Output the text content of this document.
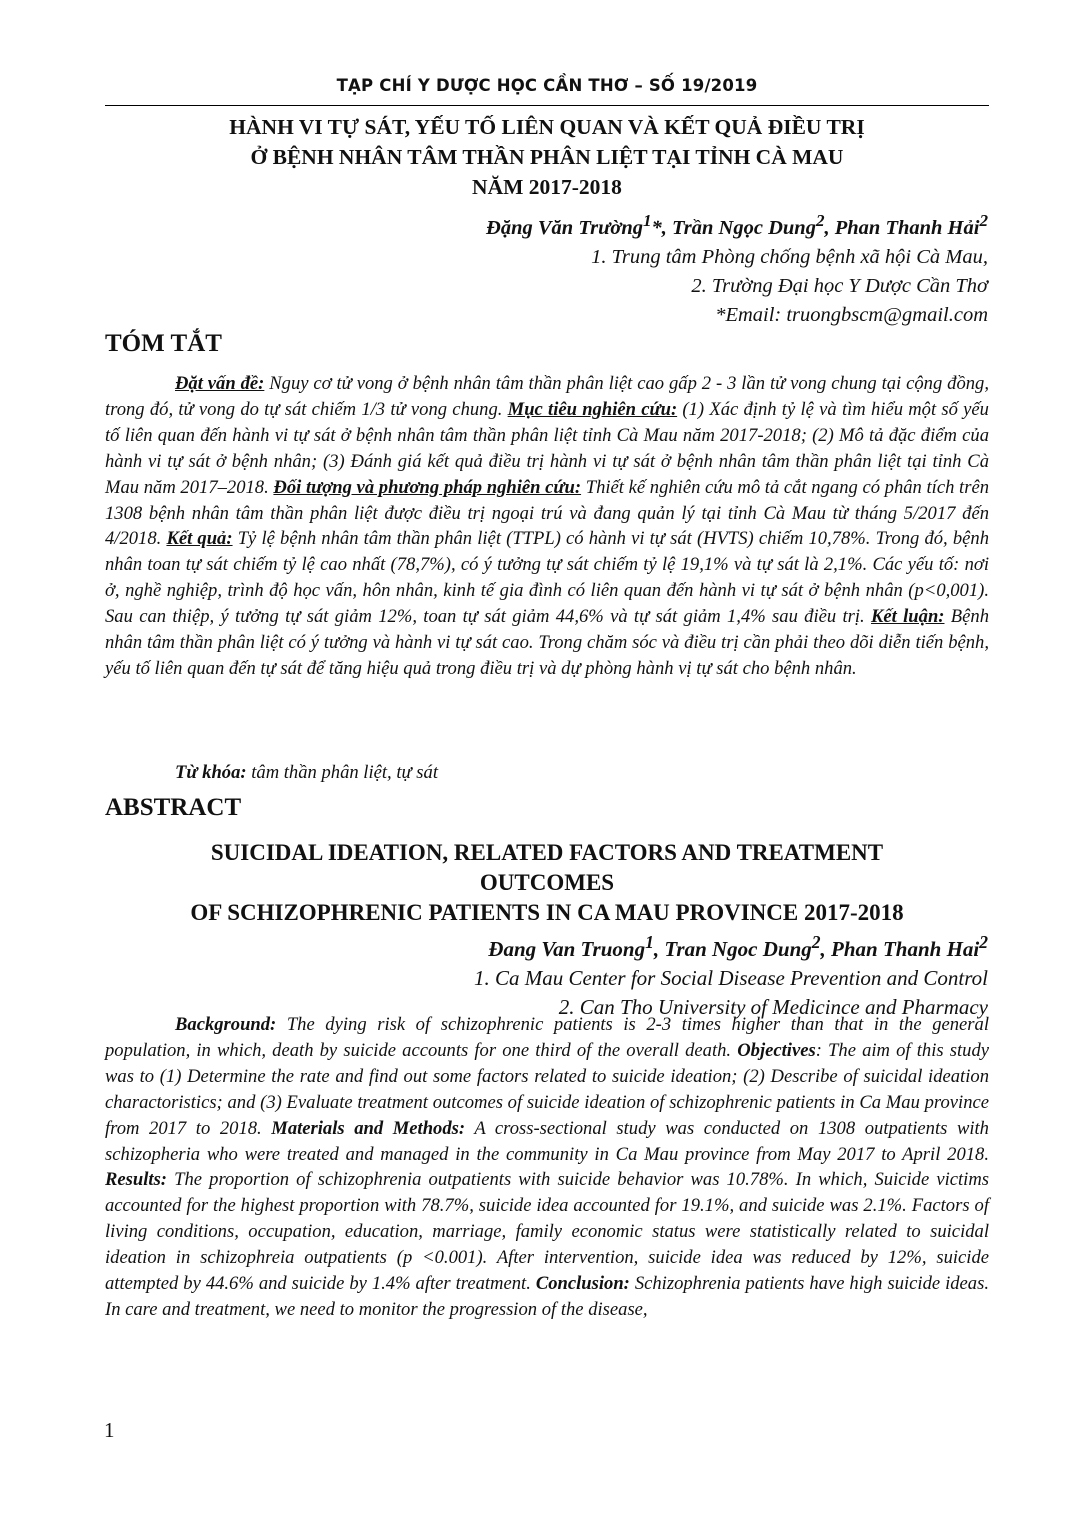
TẠP CHÍ Y DƯỢC HỌC CẦN THƠ – SỐ 19/2019
HÀNH VI TỰ SÁT, YẾU TỐ LIÊN QUAN VÀ KẾT QUẢ ĐIỀU TRỊ
Ở BỆNH NHÂN TÂM THẦN PHÂN LIỆT TẠI TỈNH CÀ MAU
NĂM 2017-2018
Đặng Văn Trường$^1$*, Trần Ngọc Dung$^2$, Phan Thanh Hải$^2$
1. Trung tâm Phòng chống bệnh xã hội Cà Mau,
2. Trường Đại học Y Dược Cần Thơ
*Email: truongbscm@gmail.com
TÓM TẮT
Đặt vấn đề: Nguy cơ tử vong ở bệnh nhân tâm thần phân liệt cao gấp 2 - 3 lần tử vong chung tại cộng đồng, trong đó, tử vong do tự sát chiếm 1/3 tử vong chung. Mục tiêu nghiên cứu: (1) Xác định tỷ lệ và tìm hiểu một số yếu tố liên quan đến hành vi tự sát ở bệnh nhân tâm thần phân liệt tỉnh Cà Mau năm 2017-2018; (2) Mô tả đặc điểm của hành vi tự sát ở bệnh nhân; (3) Đánh giá kết quả điều trị hành vi tự sát ở bệnh nhân tâm thần phân liệt tại tỉnh Cà Mau năm 2017–2018. Đối tượng và phương pháp nghiên cứu: Thiết kế nghiên cứu mô tả cắt ngang có phân tích trên 1308 bệnh nhân tâm thần phân liệt được điều trị ngoại trú và đang quản lý tại tỉnh Cà Mau từ tháng 5/2017 đến 4/2018. Kết quả: Tỷ lệ bệnh nhân tâm thần phân liệt (TTPL) có hành vi tự sát (HVTS) chiếm 10,78%. Trong đó, bệnh nhân toan tự sát chiếm tỷ lệ cao nhất (78,7%), có ý tưởng tự sát chiếm tỷ lệ 19,1% và tự sát là 2,1%. Các yếu tố: nơi ở, nghề nghiệp, trình độ học vấn, hôn nhân, kinh tế gia đình có liên quan đến hành vi tự sát ở bệnh nhân (p<0,001). Sau can thiệp, ý tưởng tự sát giảm 12%, toan tự sát giảm 44,6% và tự sát giảm 1,4% sau điều trị. Kết luận: Bệnh nhân tâm thần phân liệt có ý tưởng và hành vi tự sát cao. Trong chăm sóc và điều trị cần phải theo dõi diễn tiến bệnh, yếu tố liên quan đến tự sát để tăng hiệu quả trong điều trị và dự phòng hành vị tự sát cho bệnh nhân.
Từ khóa: tâm thần phân liệt, tự sát
ABSTRACT
SUICIDAL IDEATION, RELATED FACTORS AND TREATMENT
OUTCOMES
OF SCHIZOPHRENIC PATIENTS IN CA MAU PROVINCE 2017-2018
Đang Van Truong$^1$, Tran Ngoc Dung$^2$, Phan Thanh Hai$^2$
1. Ca Mau Center for Social Disease Prevention and Control
2. Can Tho University of Medicince and Pharmacy
Background: The dying risk of schizophrenic patients is 2-3 times higher than that in the general population, in which, death by suicide accounts for one third of the overall death. Objectives: The aim of this study was to (1) Determine the rate and find out some factors related to suicide ideation; (2) Describe of suicidal ideation charactoristics; and (3) Evaluate treatment outcomes of suicide ideation of schizophrenic patients in Ca Mau province from 2017 to 2018. Materials and Methods: A cross-sectional study was conducted on 1308 outpatients with schizopheria who were treated and managed in the community in Ca Mau province from May 2017 to April 2018. Results: The proportion of schizophrenia outpatients with suicide behavior was 10.78%. In which, Suicide victims accounted for the highest proportion with 78.7%, suicide idea accounted for 19.1%, and suicide was 2.1%. Factors of living conditions, occupation, education, marriage, family economic status were statistically related to suicidal ideation in schizophreia outpatients (p <0.001). After intervention, suicide idea was reduced by 12%, suicide attempted by 44.6% and suicide by 1.4% after treatment. Conclusion: Schizophrenia patients have high suicide ideas. In care and treatment, we need to monitor the progression of the disease,
1
